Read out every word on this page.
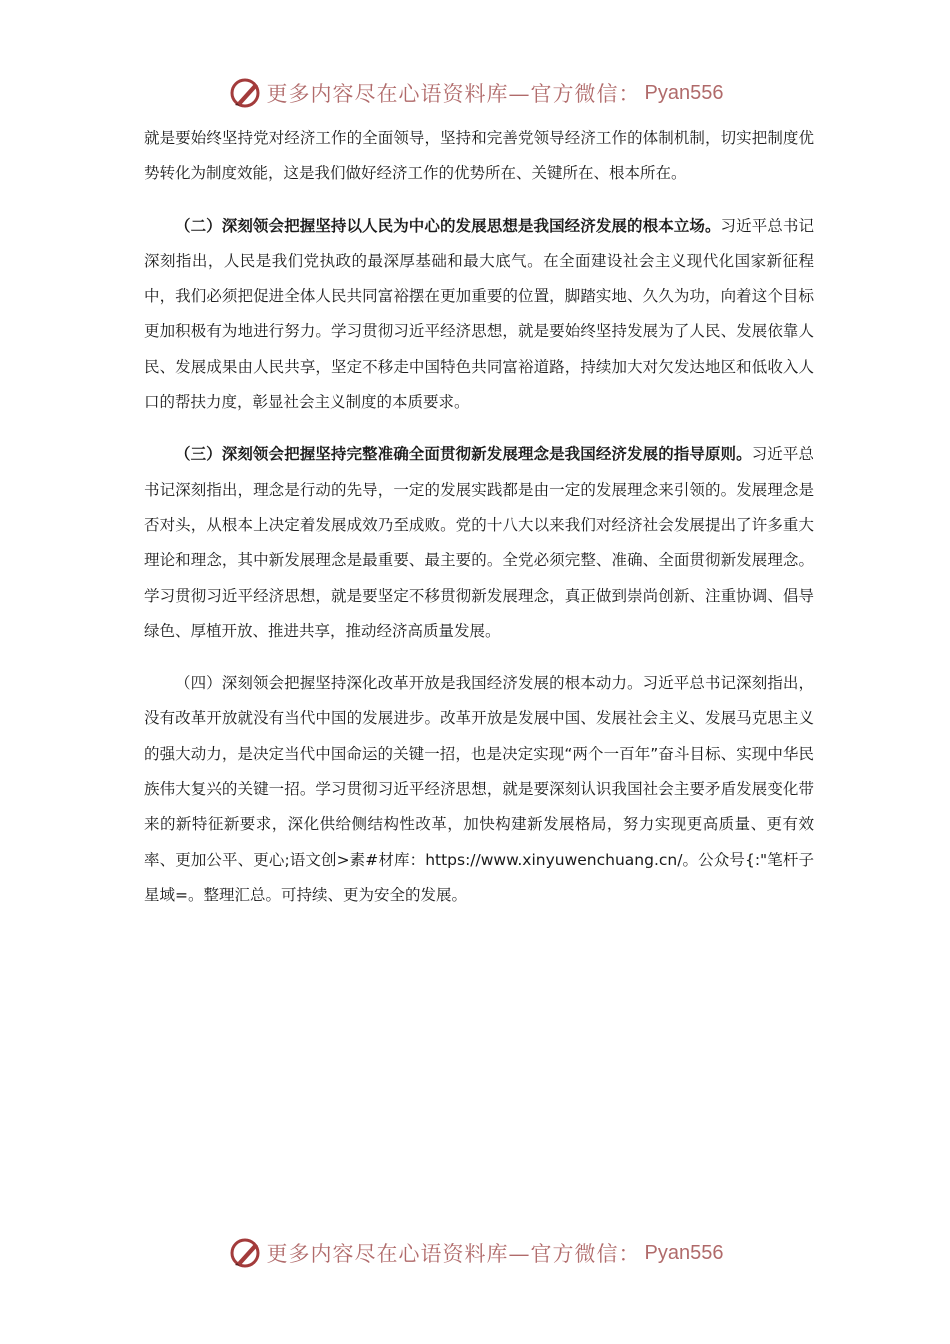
更多内容尽在心语资料库—官方微信： Pyan556

就是要始终坚持党对经济工作的全面领导，坚持和完善党领导经济工作的体制机制，切实把制度优势转化为制度效能，这是我们做好经济工作的优势所在、关键所在、根本所在。

（二）深刻领会把握坚持以人民为中心的发展思想是我国经济发展的根本立场。习近平总书记深刻指出，人民是我们党执政的最深厚基础和最大底气。在全面建设社会主义现代化国家新征程中，我们必须把促进全体人民共同富裕摆在更加重要的位置，脚踏实地、久久为功，向着这个目标更加积极有为地进行努力。学习贯彻习近平经济思想，就是要始终坚持发展为了人民、发展依靠人民、发展成果由人民共享，坚定不移走中国特色共同富裕道路，持续加大对欠发达地区和低收入人口的帮扶力度，彰显社会主义制度的本质要求。

（三）深刻领会把握坚持完整准确全面贯彻新发展理念是我国经济发展的指导原则。习近平总书记深刻指出，理念是行动的先导，一定的发展实践都是由一定的发展理念来引领的。发展理念是否对头，从根本上决定着发展成效乃至成败。党的十八大以来我们对经济社会发展提出了许多重大理论和理念，其中新发展理念是最重要、最主要的。全党必须完整、准确、全面贯彻新发展理念。学习贯彻习近平经济思想，就是要坚定不移贯彻新发展理念，真正做到崇尚创新、注重协调、倡导绿色、厚植开放、推进共享，推动经济高质量发展。

（四）深刻领会把握坚持深化改革开放是我国经济发展的根本动力。习近平总书记深刻指出，没有改革开放就没有当代中国的发展进步。改革开放是发展中国、发展社会主义、发展马克思主义的强大动力，是决定当代中国命运的关键一招，也是决定实现“两个一百年”奋斗目标、实现中华民族伟大复兴的关键一招。学习贯彻习近平经济思想，就是要深刻认识我国社会主要矛盾发展变化带来的新特征新要求，深化供给侧结构性改革，加快构建新发展格局，努力实现更高质量、更有效率、更加公平、更心;语文创>素#材库：https://www.xinyuwenchuang.cn/。公众号{:"笔杆子星域=。整理汇总。可持续、更为安全的发展。

更多内容尽在心语资料库—官方微信： Pyan556
